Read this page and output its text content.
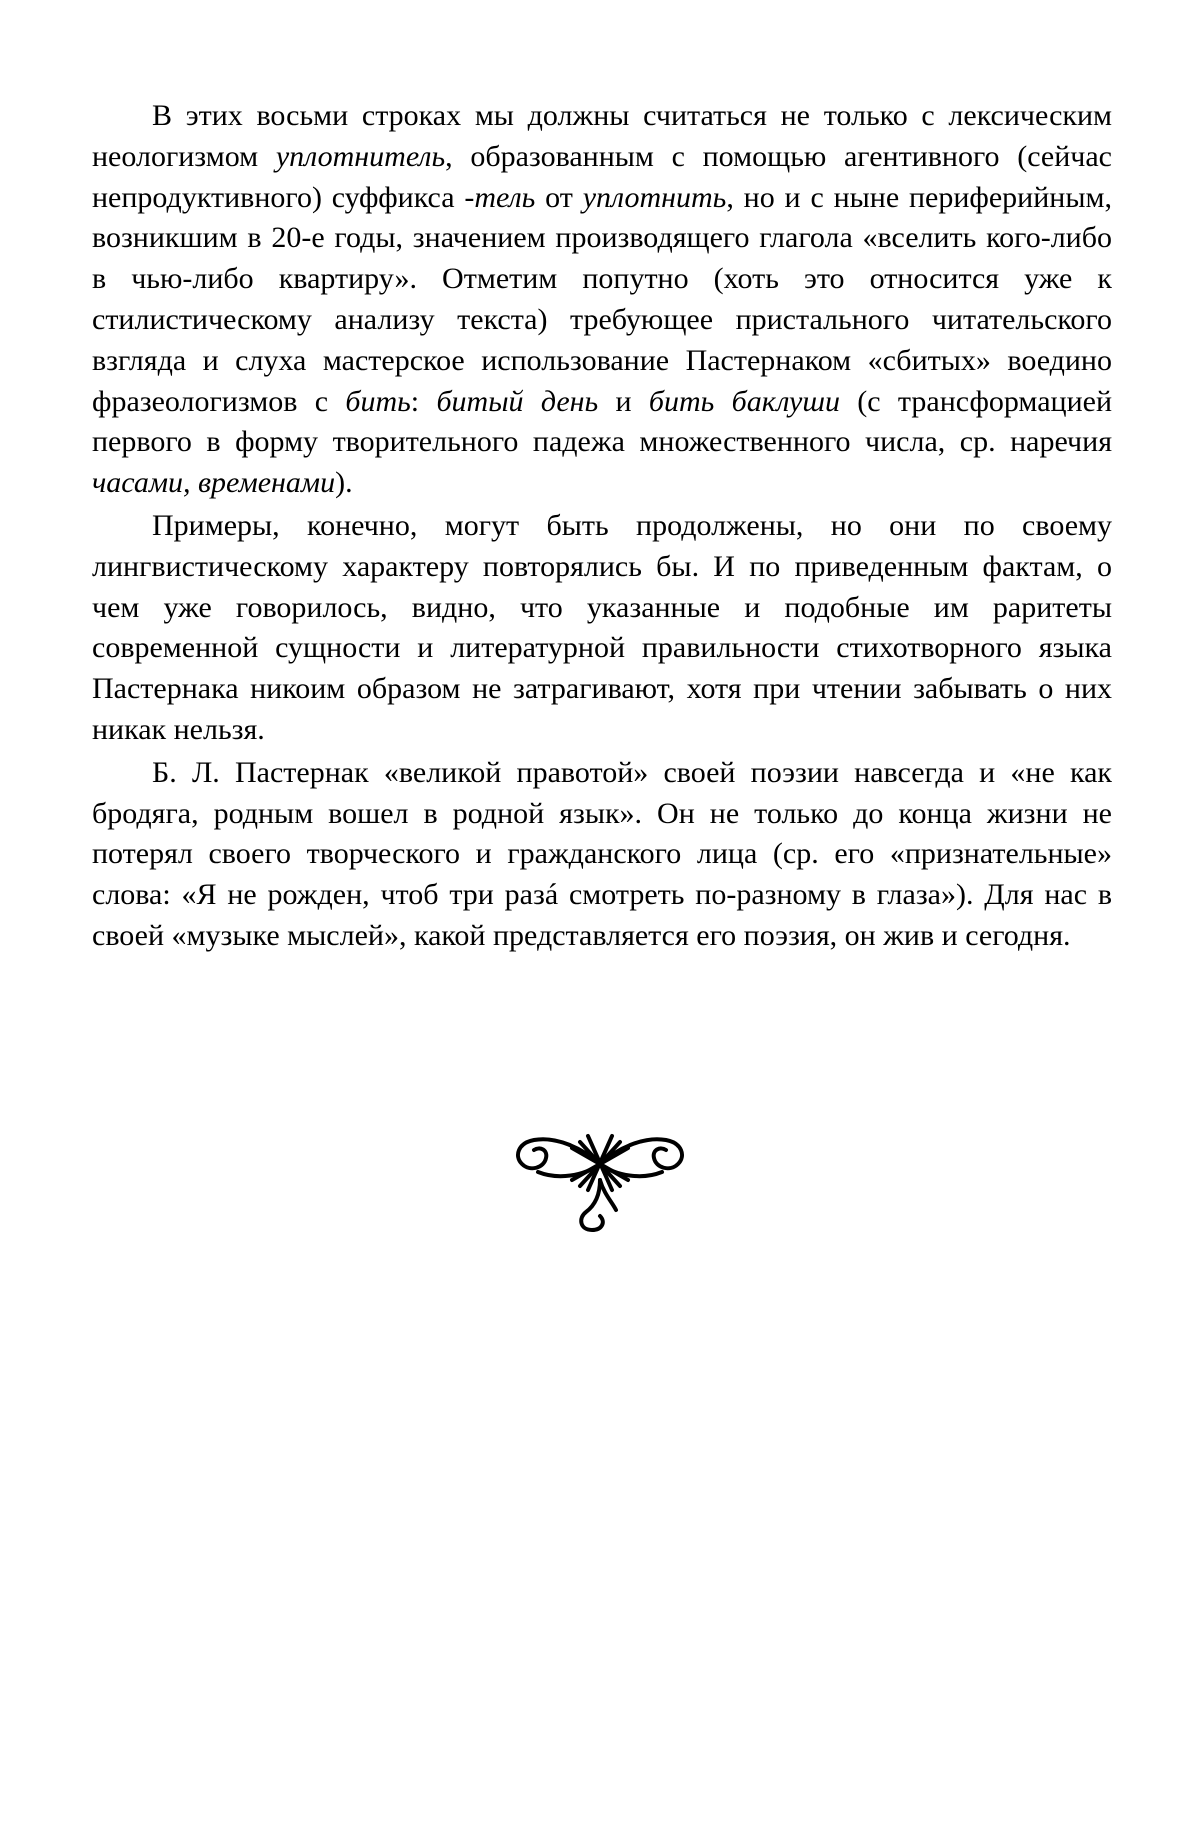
В этих восьми строках мы должны считаться не только с лексическим неологизмом уплотнитель, образованным с помощью агентивного (сейчас непродуктивного) суффикса -тель от уплотнить, но и с ныне периферийным, возникшим в 20-е годы, значением производящего глагола «вселить кого-либо в чью-либо квартиру». Отметим попутно (хоть это относится уже к стилистическому анализу текста) требующее пристального читательского взгляда и слуха мастерское использование Пастернаком «сбитых» воедино фразеологизмов с бить: битый день и бить баклуши (с трансформацией первого в форму творительного падежа множественного числа, ср. наречия часами, временами).

Примеры, конечно, могут быть продолжены, но они по своему лингвистическому характеру повторялись бы. И по приведенным фактам, о чем уже говорилось, видно, что указанные и подобные им раритеты современной сущности и литературной правильности стихотворного языка Пастернака никоим образом не затрагивают, хотя при чтении забывать о них никак нельзя.

Б. Л. Пастернак «великой правотой» своей поэзии навсегда и «не как бродяга, родным вошел в родной язык». Он не только до конца жизни не потерял своего творческого и гражданского лица (ср. его «признательные» слова: «Я не рожден, чтоб три разá смотреть по-разному в глаза»). Для нас в своей «музыке мыслей», какой представляется его поэзия, он жив и сегодня.
